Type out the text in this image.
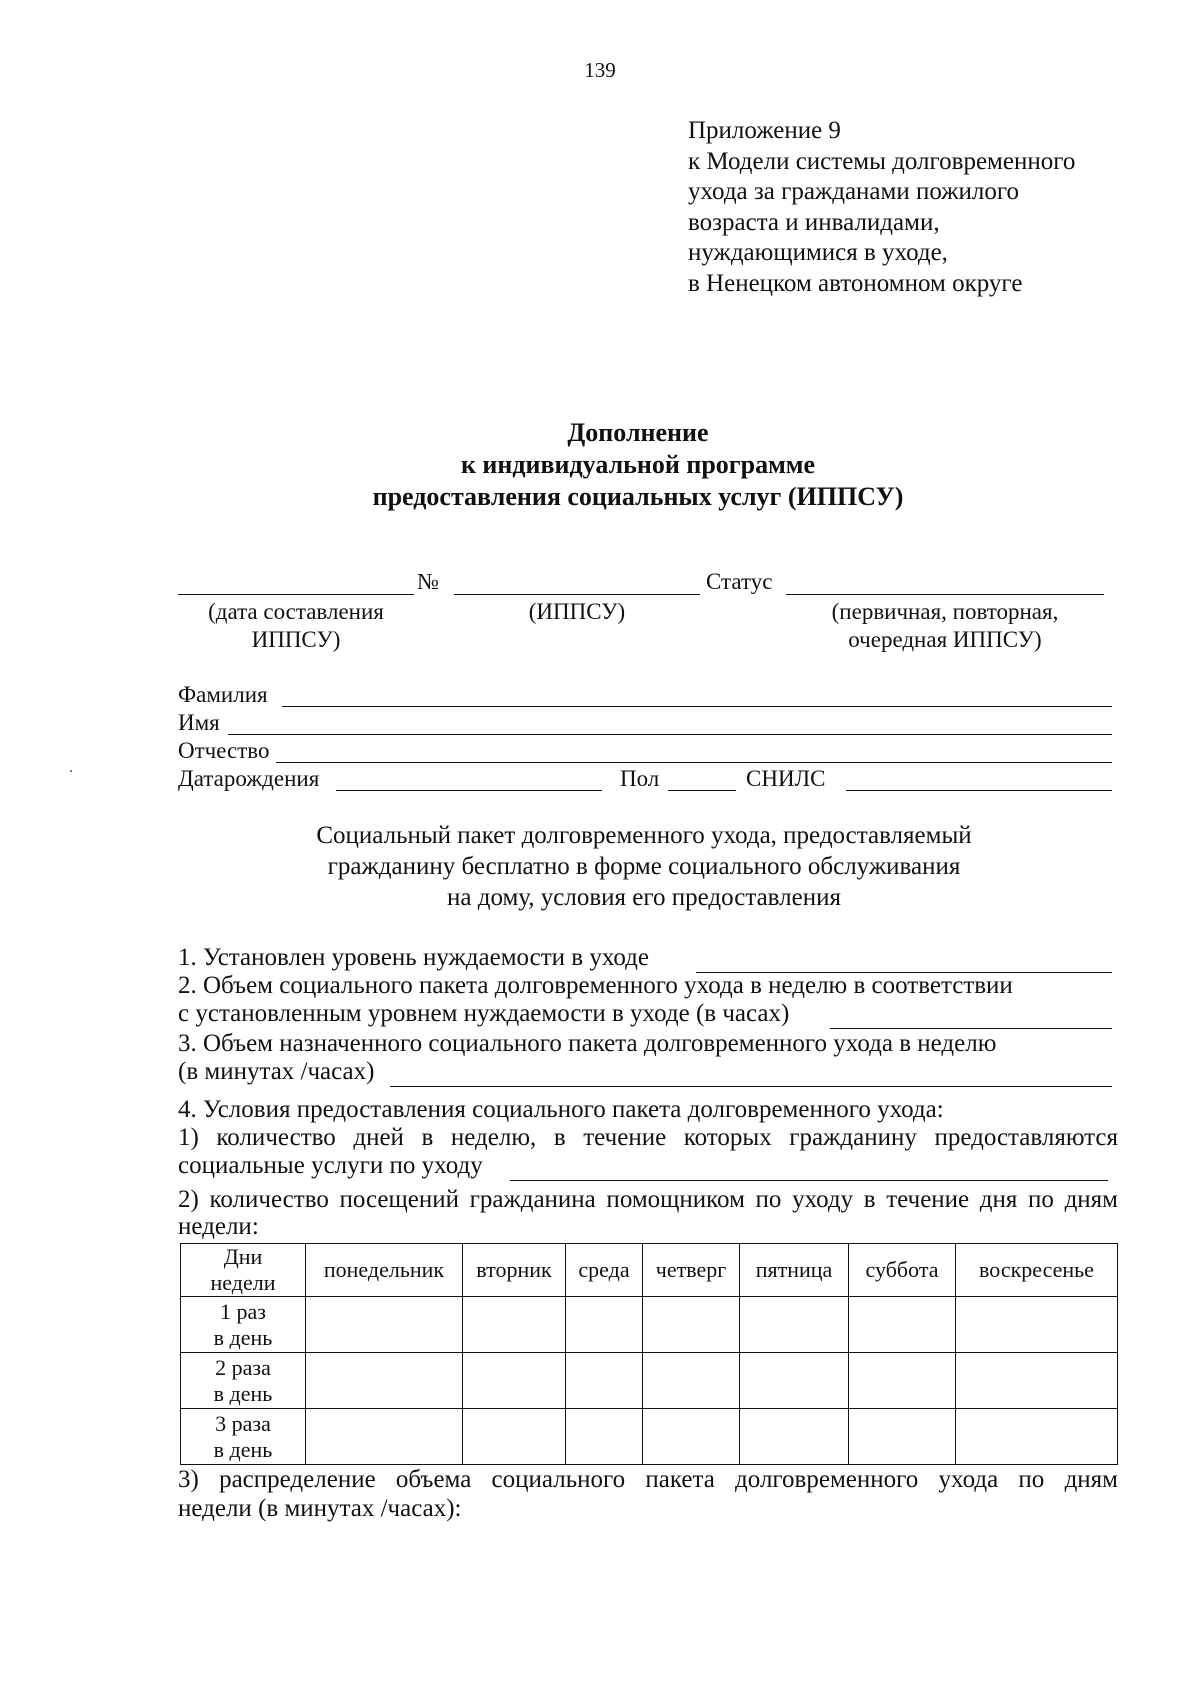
139
Приложение 9
к Модели системы долговременного
ухода за гражданами пожилого
возраста и инвалидами,
нуждающимися в уходе,
в Ненецком автономном округе
Дополнение
к индивидуальной программе
предоставления социальных услуг (ИППСУ)
№	Статус
(дата составления
ИППСУ)
(ИППСУ)	(первичная, повторная,
очередная ИППСУ)
Фамилия
Имя
Отчество
Датарождения	Пол	СНИЛС
Социальный пакет долговременного ухода, предоставляемый
гражданину бесплатно в форме социального обслуживания
на дому, условия его предоставления
1. Установлен уровень нуждаемости в уходе
2. Объем социального пакета долговременного ухода в неделю в соответствии
с установленным уровнем нуждаемости в уходе (в часах)
3. Объем назначенного социального пакета долговременного ухода в неделю
(в минутах /часах)
4. Условия предоставления социального пакета долговременного ухода:
1) количество дней в неделю, в течение которых гражданину предоставляются
социальные услуги по уходу
2) количество посещений гражданина помощником по уходу в течение дня по дням
недели:
Дни
недели	понедельник	вторник	среда	четверг	пятница	суббота	воскресенье

1 раз
в день							

2 раза
в день							

3 раза
в день							

3) распределение объема социального пакета долговременного ухода по дням
недели (в минутах /часах):
